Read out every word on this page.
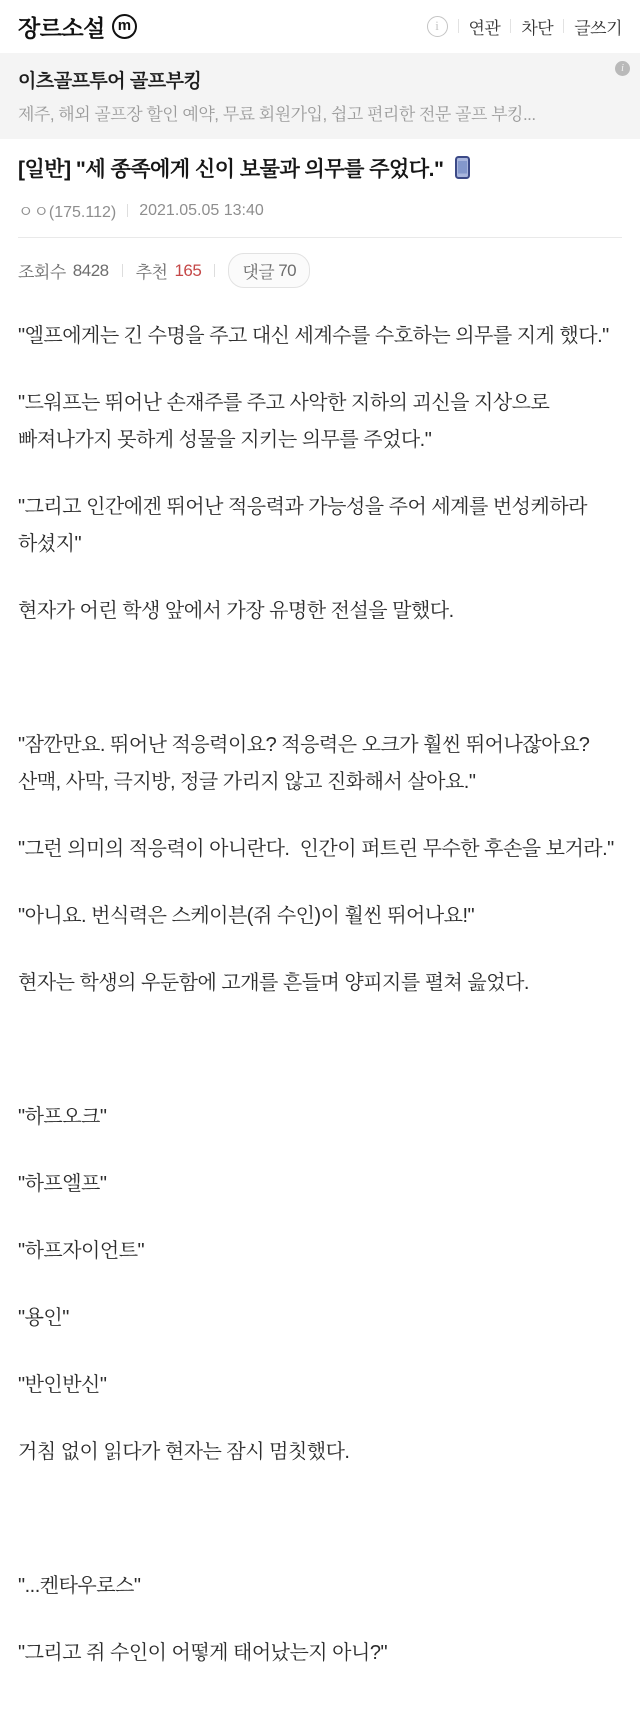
장르소설 m	i	연관 차단 글쓰기
이츠골프투어 골프부킹
제주, 해외 골프장 할인 예약, 무료 회원가입, 쉽고 편리한 전문 골프 부킹...
i
[일반] "세 종족에게 신이 보물과 의무를 주었다."
ㅇㅇ(175.112) 2021.05.05 13:40
조회수 8428 추천 165 댓글 70

"엘프에게는 긴 수명을 주고 대신 세계수를 수호하는 의무를 지게 했다."

"드워프는 뛰어난 손재주를 주고 사악한 지하의 괴신을 지상으로 빠져나가지 못하게 성물을 지키는 의무를 주었다."

"그리고 인간에겐 뛰어난 적응력과 가능성을 주어 세계를 번성케하라 하셨지"

현자가 어린 학생 앞에서 가장 유명한 전설을 말했다.

"잠깐만요. 뛰어난 적응력이요? 적응력은 오크가 훨씬 뛰어나잖아요? 산맥, 사막, 극지방, 정글 가리지 않고 진화해서 살아요."

"그런 의미의 적응력이 아니란다.  인간이 퍼트린 무수한 후손을 보거라."

"아니요. 번식력은 스케이븐(쥐 수인)이 훨씬 뛰어나요!"

현자는 학생의 우둔함에 고개를 흔들며 양피지를 펼쳐 읊었다.

"하프오크"

"하프엘프"

"하프자이언트"

"용인"

"반인반신"

거침 없이 읽다가 현자는 잠시 멈칫했다.

"...켄타우로스"

"그리고 쥐 수인이 어떻게 태어났는지 아니?"
